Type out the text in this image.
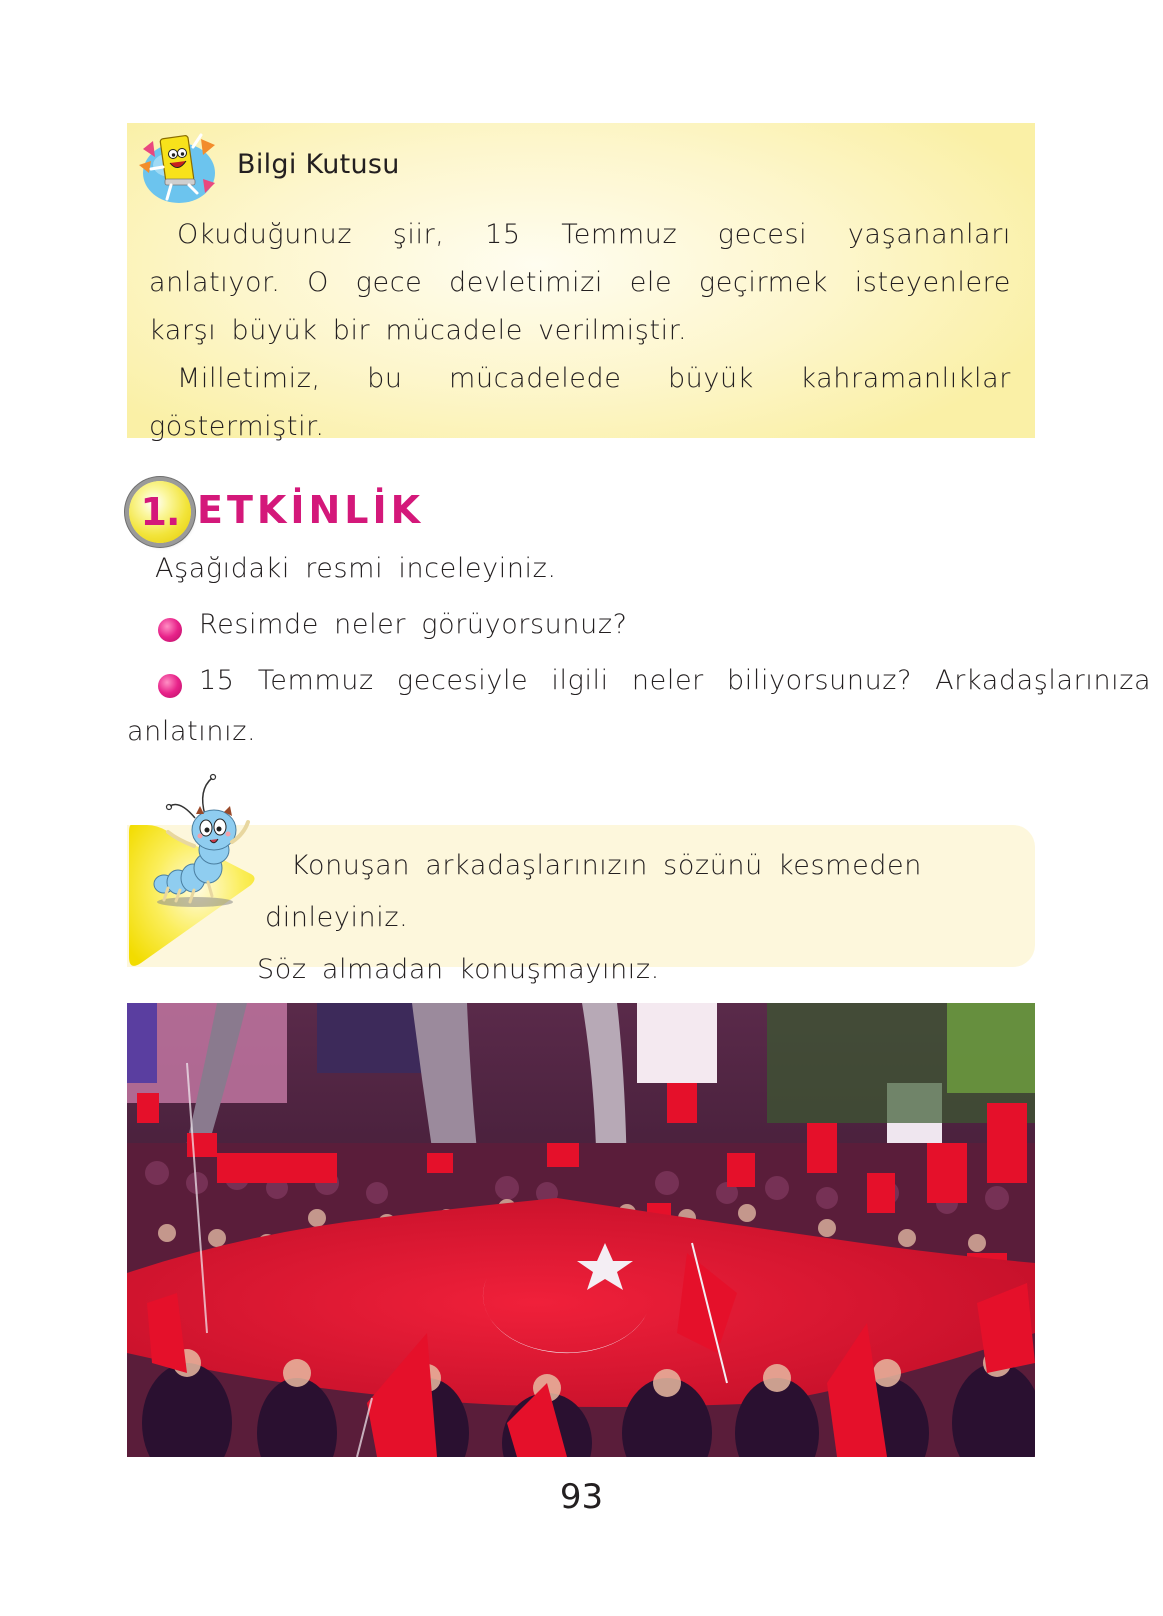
Bilgi Kutusu

Okuduğunuz şiir, 15 Temmuz gecesi yaşananları anlatıyor. O gece devletimizi ele geçirmek isteyenlere karşı büyük bir mücadele verilmiştir.

Milletimiz, bu mücadelede büyük kahramanlıklar göstermiştir.

1. ETKİNLİK
Aşağıdaki resmi inceleyiniz.
Resimde neler görüyorsunuz?
15 Temmuz gecesiyle ilgili neler biliyorsunuz? Arkadaşlarınıza
anlatınız.

Konuşan arkadaşlarınızın sözünü kesmeden dinleyiniz.

Söz almadan konuşmayınız.

93
